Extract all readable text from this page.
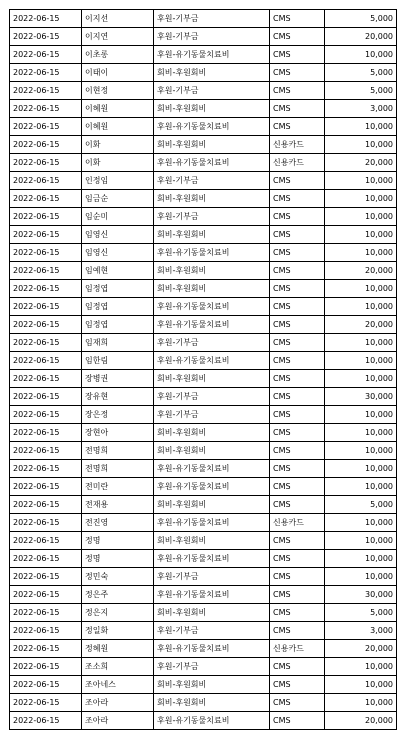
2022-06-15	이지선	후원-기부금	CMS	5,000
2022-06-15	이지연	후원-기부금	CMS	20,000
2022-06-15	이초롱	후원-유기동물치료비	CMS	10,000
2022-06-15	이태이	회비-후원회비	CMS	5,000
2022-06-15	이현정	후원-기부금	CMS	5,000
2022-06-15	이혜원	회비-후원회비	CMS	3,000
2022-06-15	이혜원	후원-유기동물치료비	CMS	10,000
2022-06-15	이화	회비-후원회비	신용카드	10,000
2022-06-15	이화	후원-유기동물치료비	신용카드	20,000
2022-06-15	인정임	후원-기부금	CMS	10,000
2022-06-15	임금순	회비-후원회비	CMS	10,000
2022-06-15	임순미	후원-기부금	CMS	10,000
2022-06-15	임영신	회비-후원회비	CMS	10,000
2022-06-15	임영신	후원-유기동물치료비	CMS	10,000
2022-06-15	임예현	회비-후원회비	CMS	20,000
2022-06-15	임정엽	회비-후원회비	CMS	10,000
2022-06-15	임정엽	후원-유기동물치료비	CMS	10,000
2022-06-15	임정엽	후원-유기동물치료비	CMS	20,000
2022-06-15	임재희	후원-기부금	CMS	10,000
2022-06-15	임한림	후원-유기동물치료비	CMS	10,000
2022-06-15	장병권	회비-후원회비	CMS	10,000
2022-06-15	장유현	후원-기부금	CMS	30,000
2022-06-15	장은정	후원-기부금	CMS	10,000
2022-06-15	장현아	회비-후원회비	CMS	10,000
2022-06-15	전명희	회비-후원회비	CMS	10,000
2022-06-15	전명희	후원-유기동물치료비	CMS	10,000
2022-06-15	전미란	후원-유기동물치료비	CMS	10,000
2022-06-15	전재용	회비-후원회비	CMS	5,000
2022-06-15	전진영	후원-유기동물치료비	신용카드	10,000
2022-06-15	정명	회비-후원회비	CMS	10,000
2022-06-15	정명	후원-유기동물치료비	CMS	10,000
2022-06-15	정민숙	후원-기부금	CMS	10,000
2022-06-15	정은주	후원-유기동물치료비	CMS	30,000
2022-06-15	정은지	회비-후원회비	CMS	5,000
2022-06-15	정일화	후원-기부금	CMS	3,000
2022-06-15	정혜원	후원-유기동물치료비	신용카드	20,000
2022-06-15	조소희	후원-기부금	CMS	10,000
2022-06-15	조아네스	회비-후원회비	CMS	10,000
2022-06-15	조아라	회비-후원회비	CMS	10,000
2022-06-15	조아라	후원-유기동물치료비	CMS	20,000
